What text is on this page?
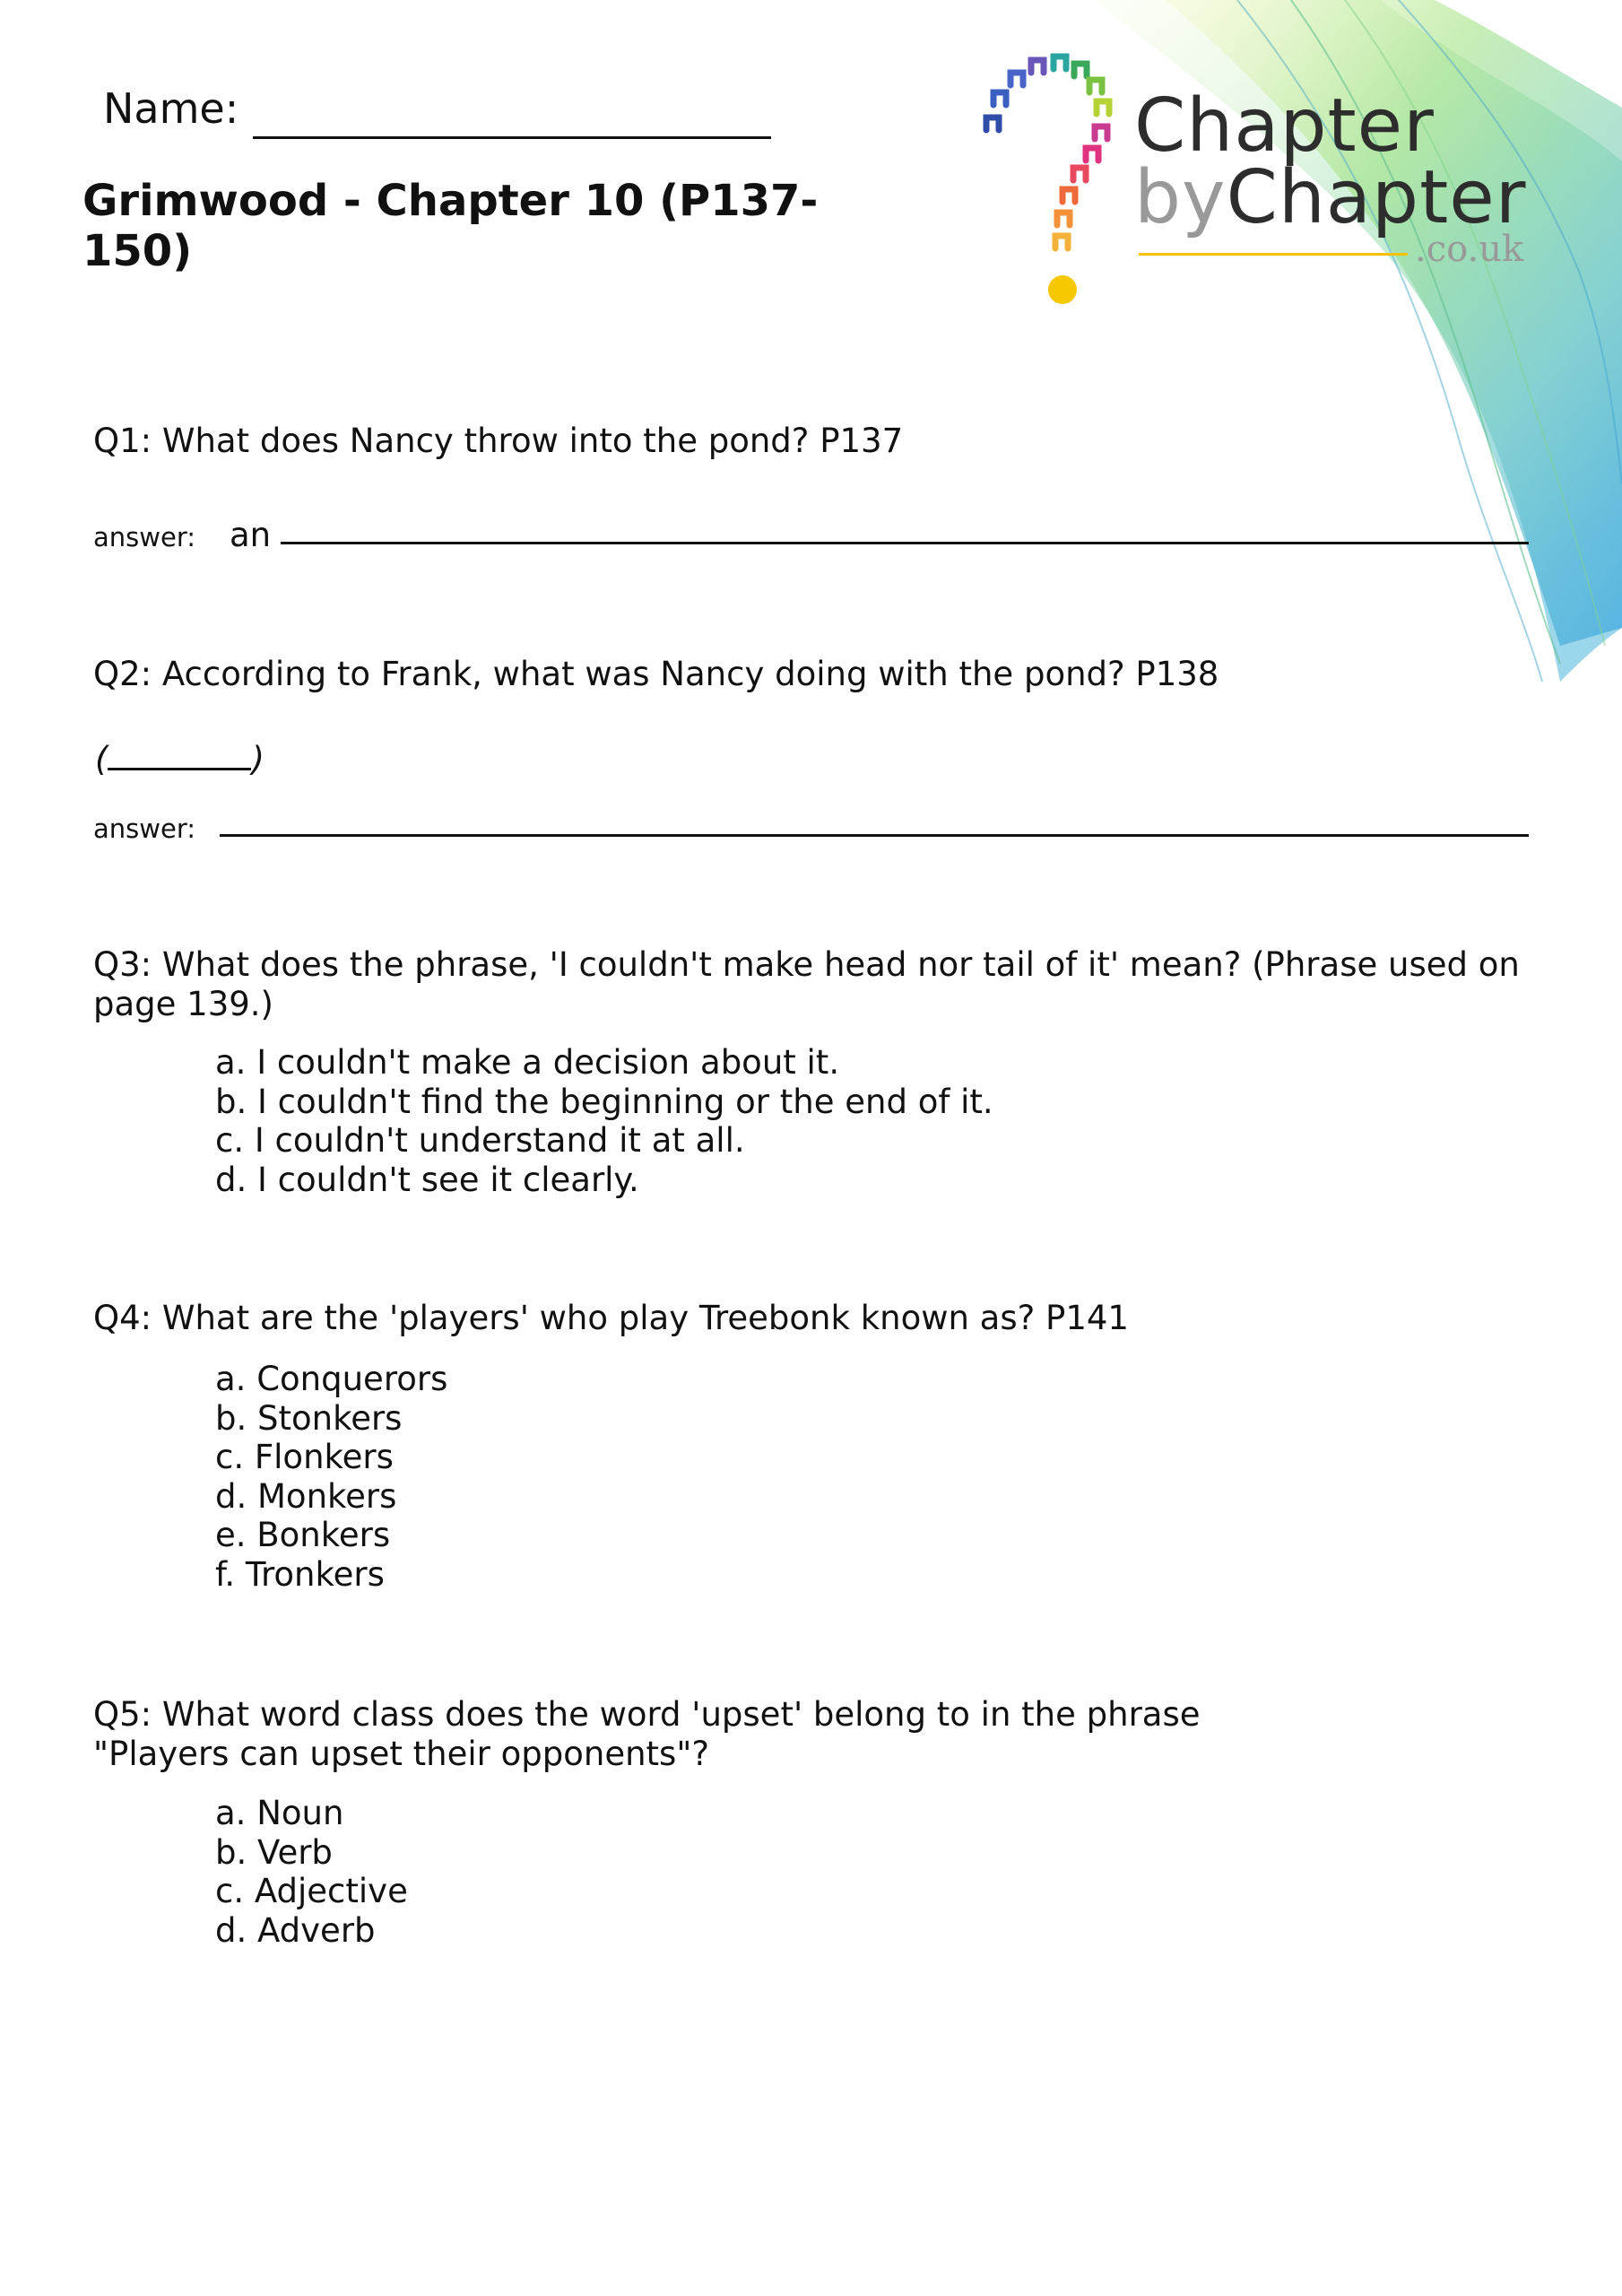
Name:
Grimwood - Chapter 10 (P137-150)
Chapter
byChapter
.co.uk
Q1: What does Nancy throw into the pond? P137
answer: an
Q2: According to Frank, what was Nancy doing with the pond? P138
(	)
answer:
Q3: What does the phrase, 'I couldn't make head nor tail of it' mean? (Phrase used on page 139.)
a. I couldn't make a decision about it.
b. I couldn't find the beginning or the end of it.
c. I couldn't understand it at all.
d. I couldn't see it clearly.
Q4: What are the 'players' who play Treebonk known as? P141
a. Conquerors
b. Stonkers
c. Flonkers
d. Monkers
e. Bonkers
f. Tronkers
Q5: What word class does the word 'upset' belong to in the phrase
"Players can upset their opponents"?
a. Noun
b. Verb
c. Adjective
d. Adverb
